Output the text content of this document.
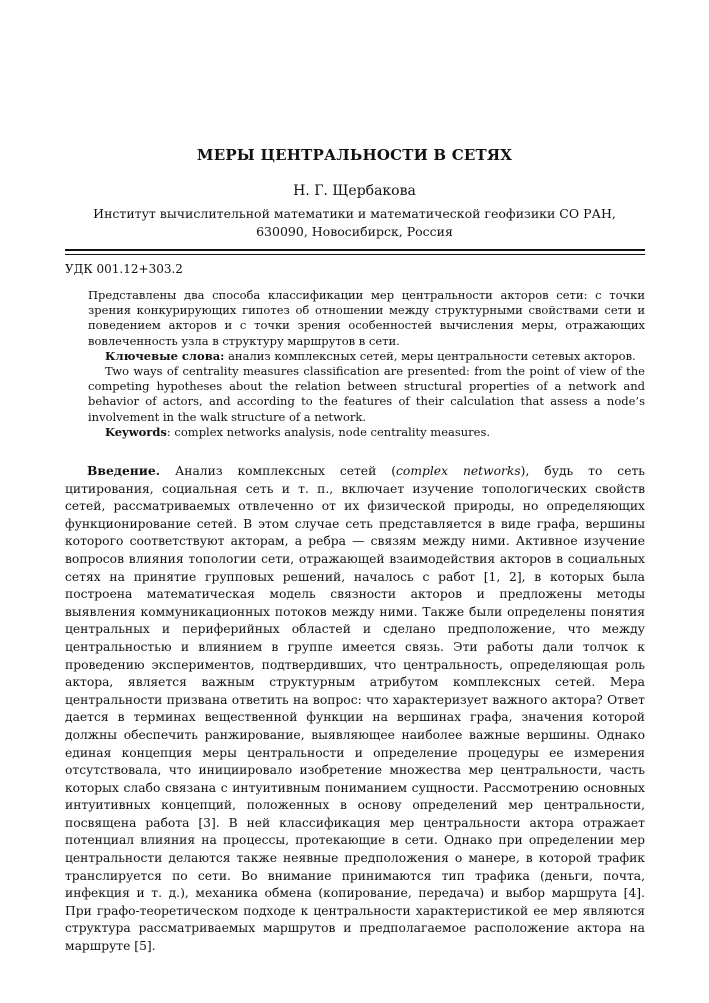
МЕРЫ ЦЕНТРАЛЬНОСТИ В СЕТЯХ
Н. Г. Щербакова
Институт вычислительной математики и математической геофизики СО РАН,
630090, Новосибирск, Россия
УДК 001.12+303.2

Представлены два способа классификации мер центральности акторов сети: с точки зрения конкурирующих гипотез об отношении между структурными свойствами сети и поведением акторов и с точки зрения особенностей вычисления меры, отражающих вовлеченность узла в структуру маршрутов в сети.

Ключевые слова: анализ комплексных сетей, меры центральности сетевых акторов.

Two ways of centrality measures classification are presented: from the point of view of the competing hypotheses about the relation between structural properties of a network and behavior of actors, and according to the features of their calculation that assess a node’s involvement in the walk structure of a network.

Keywords: complex networks analysis, node centrality measures.

Введение. Анализ комплексных сетей (complex networks), будь то сеть цитирования, социальная сеть и т. п., включает изучение топологических свойств сетей, рассматриваемых отвлеченно от их физической природы, но определяющих функционирование сетей. В этом случае сеть представляется в виде графа, вершины которого соответствуют акторам, а ребра — связям между ними. Активное изучение вопросов влияния топологии сети, отражающей взаимодействия акторов в социальных сетях на принятие групповых решений, началось с работ [1, 2], в которых была построена математическая модель связности акторов и предложены методы выявления коммуникационных потоков между ними. Также были определены понятия центральных и периферийных областей и сделано предположение, что между центральностью и влиянием в группе имеется связь. Эти работы дали толчок к проведению экспериментов, подтвердивших, что центральность, определяющая роль актора, является важным структурным атрибутом комплексных сетей. Мера центральности призвана ответить на вопрос: что характеризует важного актора? Ответ дается в терминах вещественной функции на вершинах графа, значения которой должны обеспечить ранжирование, выявляющее наиболее важные вершины. Однако единая концепция меры центральности и определение процедуры ее измерения отсутствовала, что инициировало изобретение множества мер центральности, часть которых слабо связана с интуитивным пониманием сущности. Рассмотрению основных интуитивных концепций, положенных в основу определений мер центральности, посвящена работа [3]. В ней классификация мер центральности актора отражает потенциал влияния на процессы, протекающие в сети. Однако при определении мер центральности делаются также неявные предположения о манере, в которой трафик транслируется по сети. Во внимание принимаются тип трафика (деньги, почта, инфекция и т. д.), механика обмена (копирование, передача) и выбор маршрута [4]. При графо-теоретическом подходе к центральности характеристикой ее мер являются структура рассматриваемых маршрутов и предполагаемое расположение актора на маршруте [5].
